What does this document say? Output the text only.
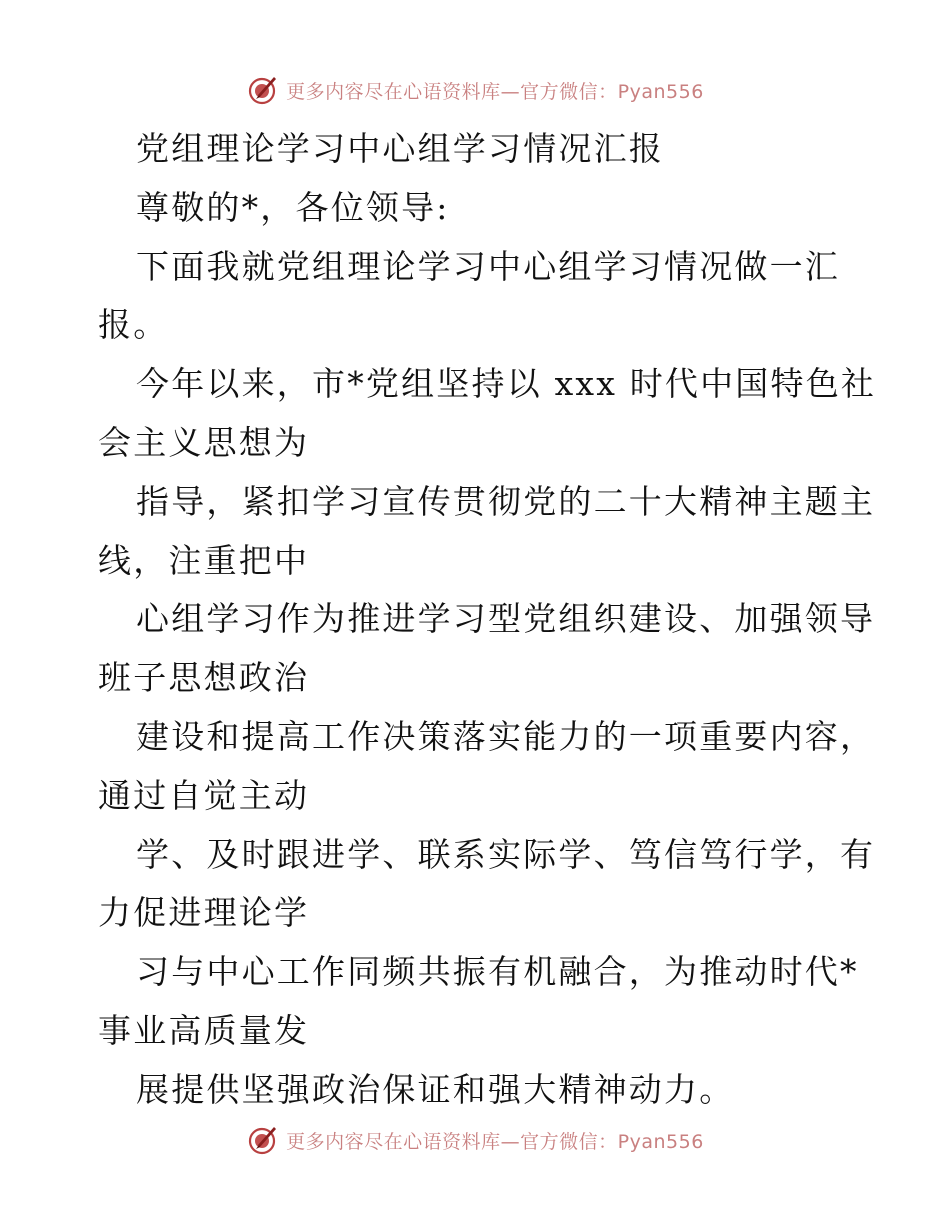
更多内容尽在心语资料库—官方微信：Pyan556
党组理论学习中心组学习情况汇报
尊敬的*，各位领导:
下面我就党组理论学习中心组学习情况做一汇
报。
今年以来，市*党组坚持以 xxx 时代中国特色社
会主义思想为
指导，紧扣学习宣传贯彻党的二十大精神主题主
线，注重把中
心组学习作为推进学习型党组织建设、加强领导
班子思想政治
建设和提高工作决策落实能力的一项重要内容，
通过自觉主动
学、及时跟进学、联系实际学、笃信笃行学，有
力促进理论学
习与中心工作同频共振有机融合，为推动时代*
事业高质量发
展提供坚强政治保证和强大精神动力。
更多内容尽在心语资料库—官方微信：Pyan556
